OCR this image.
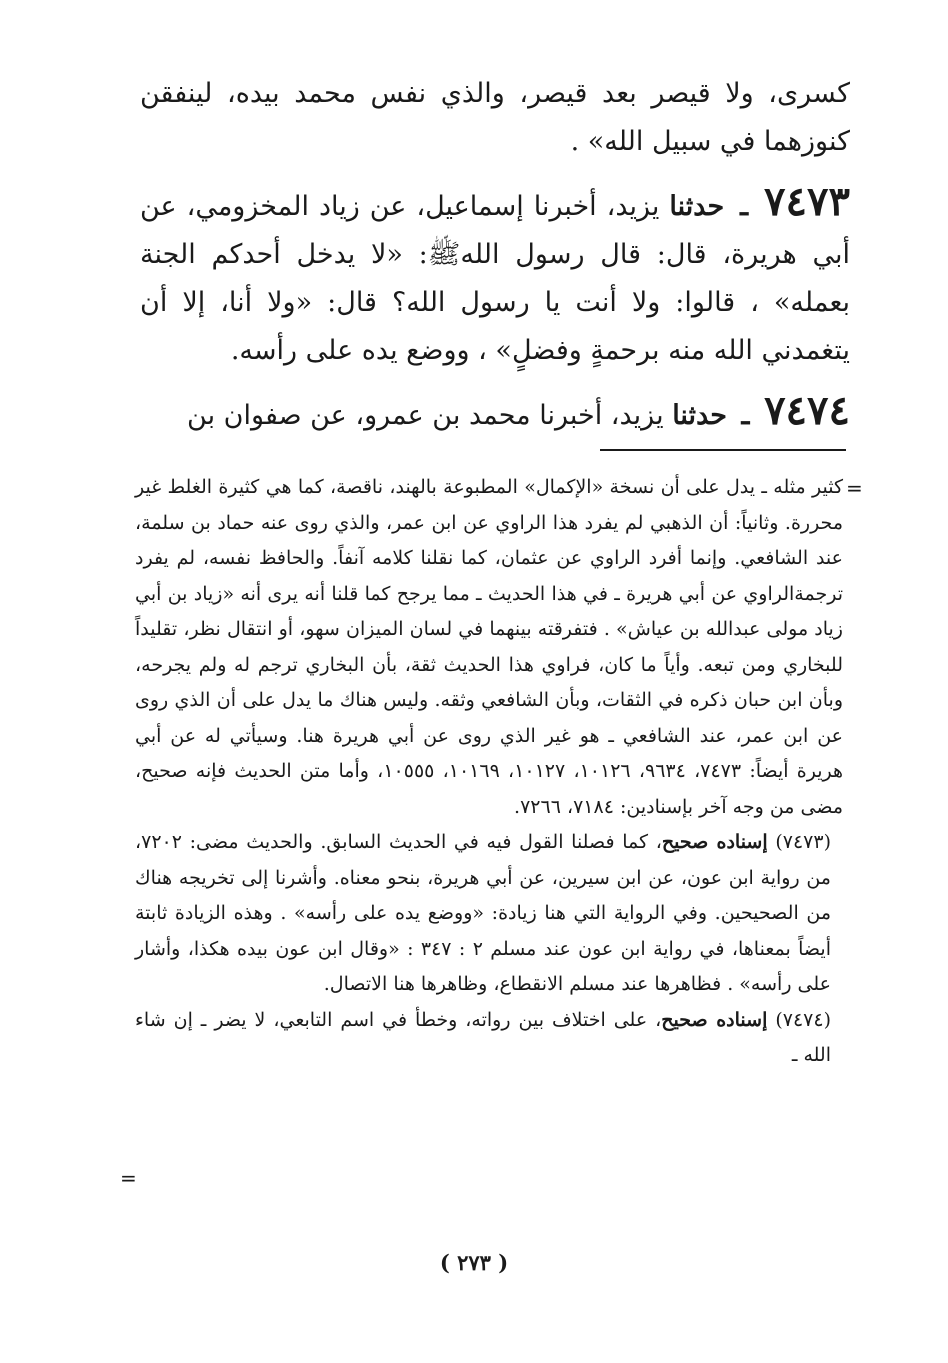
كسرى، ولا قيصر بعد قيصر، والذي نفس محمد بيده، لينفقن كنوزهما في سبيل الله» .

٧٤٧٣ ـ حدثنا يزيد، أخبرنا إسماعيل، عن زياد المخزومي، عن أبي هريرة، قال: قال رسول اللهﷺ: «لا يدخل أحدكم الجنة بعمله» ، قالوا: ولا أنت يا رسول الله؟ قال: «ولا أنا، إلا أن يتغمدني الله منه برحمةٍ وفضلٍ» ، ووضع يده على رأسه.

٧٤٧٤ ـ حدثنا يزيد، أخبرنا محمد بن عمرو، عن صفوان بن

=

كثير مثله ـ يدل على أن نسخة «الإكمال» المطبوعة بالهند، ناقصة، كما هي كثيرة الغلط غير محررة. وثانياً: أن الذهبي لم يفرد هذا الراوي عن ابن عمر، والذي روى عنه حماد بن سلمة، عند الشافعي. وإنما أفرد الراوي عن عثمان، كما نقلنا كلامه آنفاً. والحافظ نفسه، لم يفرد ترجمةالراوي عن أبي هريرة ـ في هذا الحديث ـ مما يرجح كما قلنا أنه يرى أنه «زياد بن أبي زياد مولى عبدالله بن عياش» . فتفرقته بينهما في لسان الميزان سهو، أو انتقال نظر، تقليداً للبخاري ومن تبعه. وأياً ما كان، فراوي هذا الحديث ثقة، بأن البخاري ترجم له ولم يجرحه، وبأن ابن حبان ذكره في الثقات، وبأن الشافعي وثقه. وليس هناك ما يدل على أن الذي روى عن ابن عمر، عند الشافعي ـ هو غير الذي روى عن أبي هريرة هنا. وسيأتي له عن أبي هريرة أيضاً: ٧٤٧٣، ٩٦٣٤، ١٠١٢٦، ١٠١٢٧، ١٠١٦٩، ١٠٥٥٥، وأما متن الحديث فإنه صحيح، مضى من وجه آخر بإسنادين: ٧١٨٤، ٧٢٦٦.

(٧٤٧٣) إسناده صحيح، كما فصلنا القول فيه في الحديث السابق. والحديث مضى: ٧٢٠٢، من رواية ابن عون، عن ابن سيرين، عن أبي هريرة، بنحو معناه. وأشرنا إلى تخريجه هناك من الصحيحين. وفي الرواية التي هنا زيادة: «ووضع يده على رأسه» . وهذه الزيادة ثابتة أيضاً بمعناها، في رواية ابن عون عند مسلم ٢ : ٣٤٧ : «وقال ابن عون بيده هكذا، وأشار على رأسه» . فظاهرها عند مسلم الانقطاع، وظاهرها هنا الاتصال.

(٧٤٧٤) إسناده صحيح، على اختلاف بين رواته، وخطأ في اسم التابعي، لا يضر ـ إن شاء الله ـ

=
( ٢٧٣ )
